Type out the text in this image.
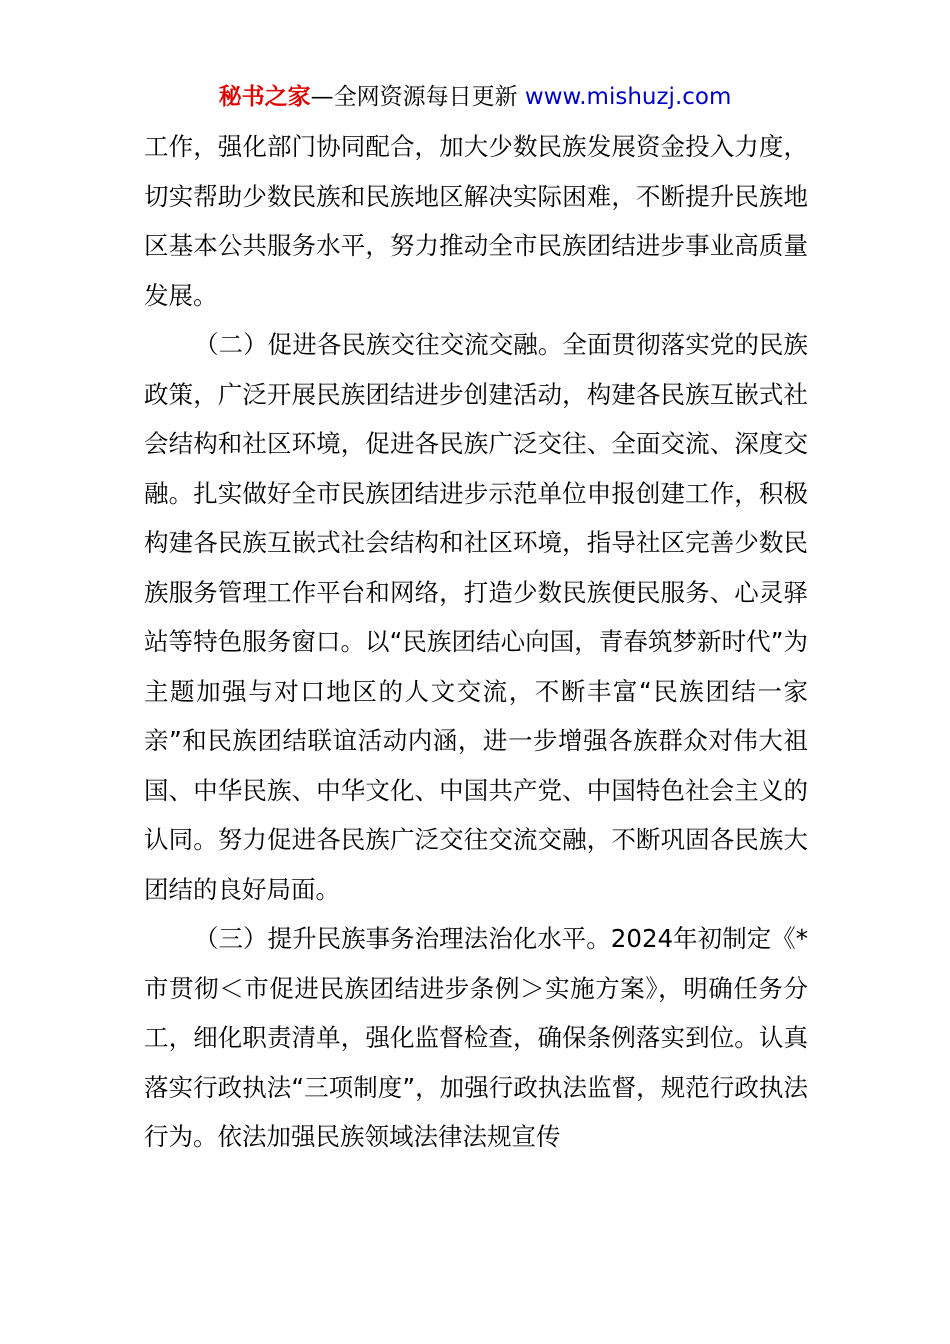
秘书之家—全网资源每日更新 www.mishuzj.com

工作，强化部门协同配合，加大少数民族发展资金投入力度，切实帮助少数民族和民族地区解决实际困难，不断提升民族地区基本公共服务水平，努力推动全市民族团结进步事业高质量发展。

（二）促进各民族交往交流交融。全面贯彻落实党的民族政策，广泛开展民族团结进步创建活动，构建各民族互嵌式社会结构和社区环境，促进各民族广泛交往、全面交流、深度交融。扎实做好全市民族团结进步示范单位申报创建工作，积极构建各民族互嵌式社会结构和社区环境，指导社区完善少数民族服务管理工作平台和网络，打造少数民族便民服务、心灵驿站等特色服务窗口。以“民族团结心向国，青春筑梦新时代”为主题加强与对口地区的人文交流，不断丰富“民族团结一家亲”和民族团结联谊活动内涵，进一步增强各族群众对伟大祖国、中华民族、中华文化、中国共产党、中国特色社会主义的认同。努力促进各民族广泛交往交流交融，不断巩固各民族大团结的良好局面。

（三）提升民族事务治理法治化水平。2024年初制定《*市贯彻＜市促进民族团结进步条例＞实施方案》，明确任务分工，细化职责清单，强化监督检查，确保条例落实到位。认真落实行政执法“三项制度”，加强行政执法监督，规范行政执法行为。依法加强民族领域法律法规宣传
